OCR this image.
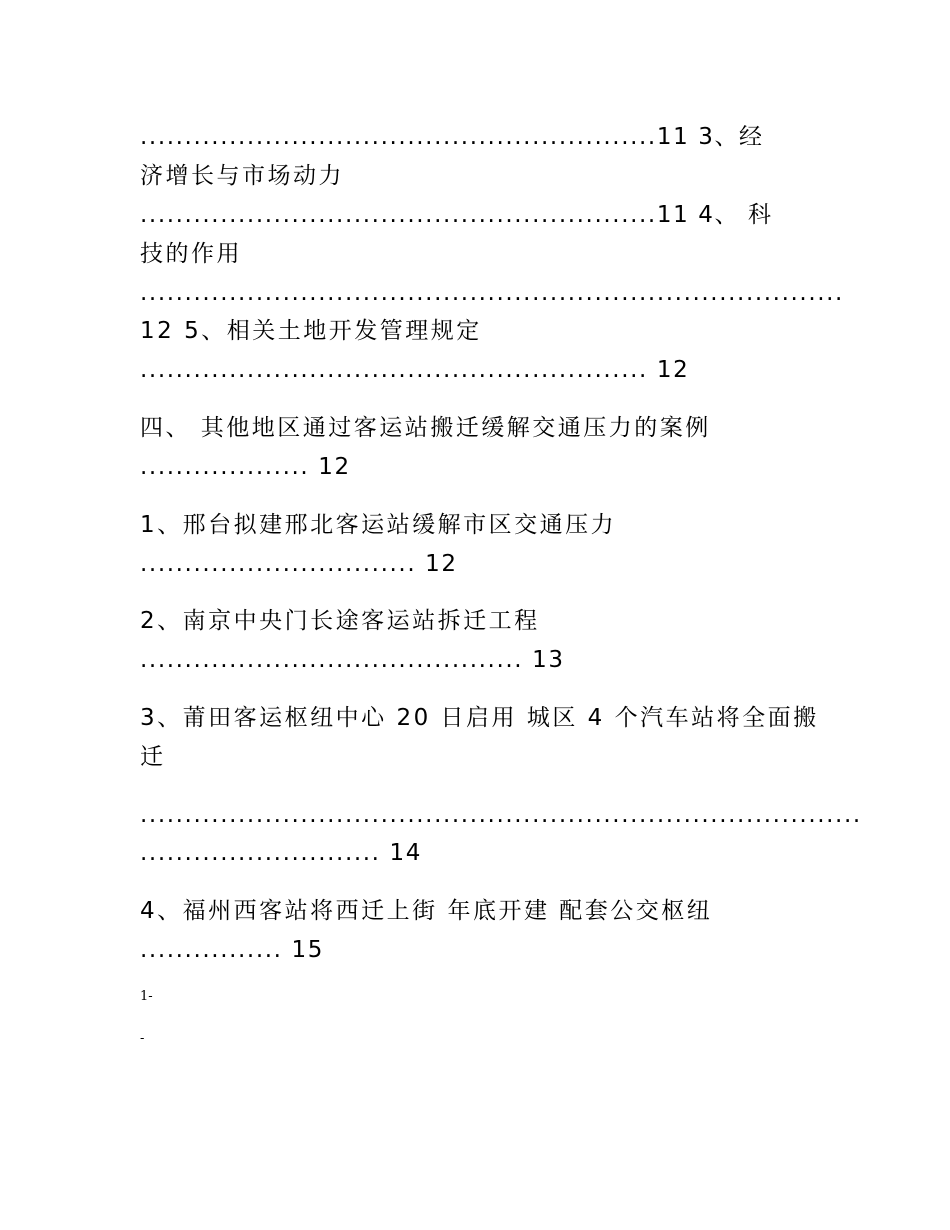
..........................................................11 3、经
济增长与市场动力
..........................................................11 4、 科
技的作用
...............................................................................
12 5、相关土地开发管理规定
......................................................... 12
四、 其他地区通过客运站搬迁缓解交通压力的案例
................... 12
1、邢台拟建邢北客运站缓解市区交通压力
............................... 12
2、南京中央门长途客运站拆迁工程
........................................... 13
3、莆田客运枢纽中心 20 日启用 城区 4 个汽车站将全面搬
迁
.................................................................................
........................... 14
4、福州西客站将西迁上街 年底开建 配套公交枢纽
................ 15
1-
-
